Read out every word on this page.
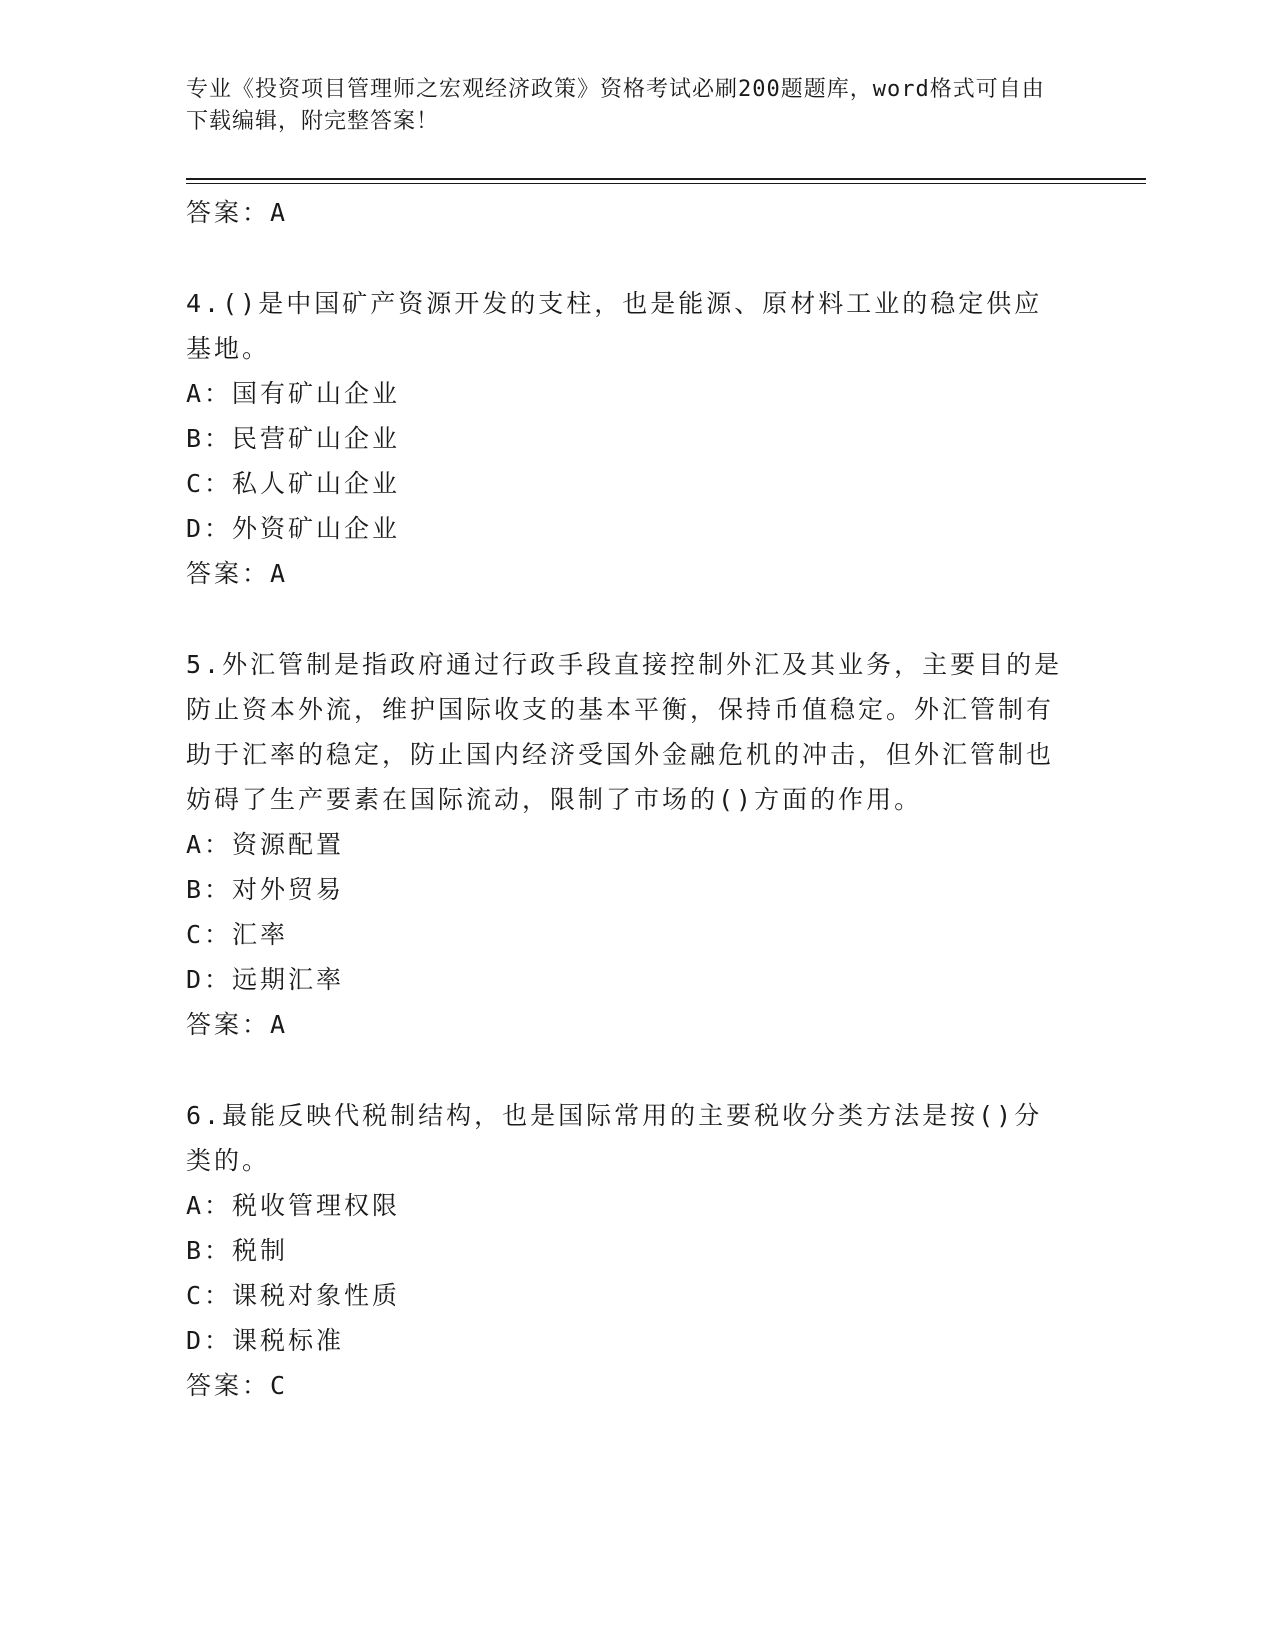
专业《投资项目管理师之宏观经济政策》资格考试必刷200题题库，word格式可自由下载编辑，附完整答案！
答案：A
4.()是中国矿产资源开发的支柱，也是能源、原材料工业的稳定供应基地。
A：国有矿山企业
B：民营矿山企业
C：私人矿山企业
D：外资矿山企业
答案：A
5.外汇管制是指政府通过行政手段直接控制外汇及其业务，主要目的是防止资本外流，维护国际收支的基本平衡，保持币值稳定。外汇管制有助于汇率的稳定，防止国内经济受国外金融危机的冲击，但外汇管制也妨碍了生产要素在国际流动，限制了市场的()方面的作用。
A：资源配置
B：对外贸易
C：汇率
D：远期汇率
答案：A
6.最能反映代税制结构，也是国际常用的主要税收分类方法是按()分类的。
A：税收管理权限
B：税制
C：课税对象性质
D：课税标准
答案：C
